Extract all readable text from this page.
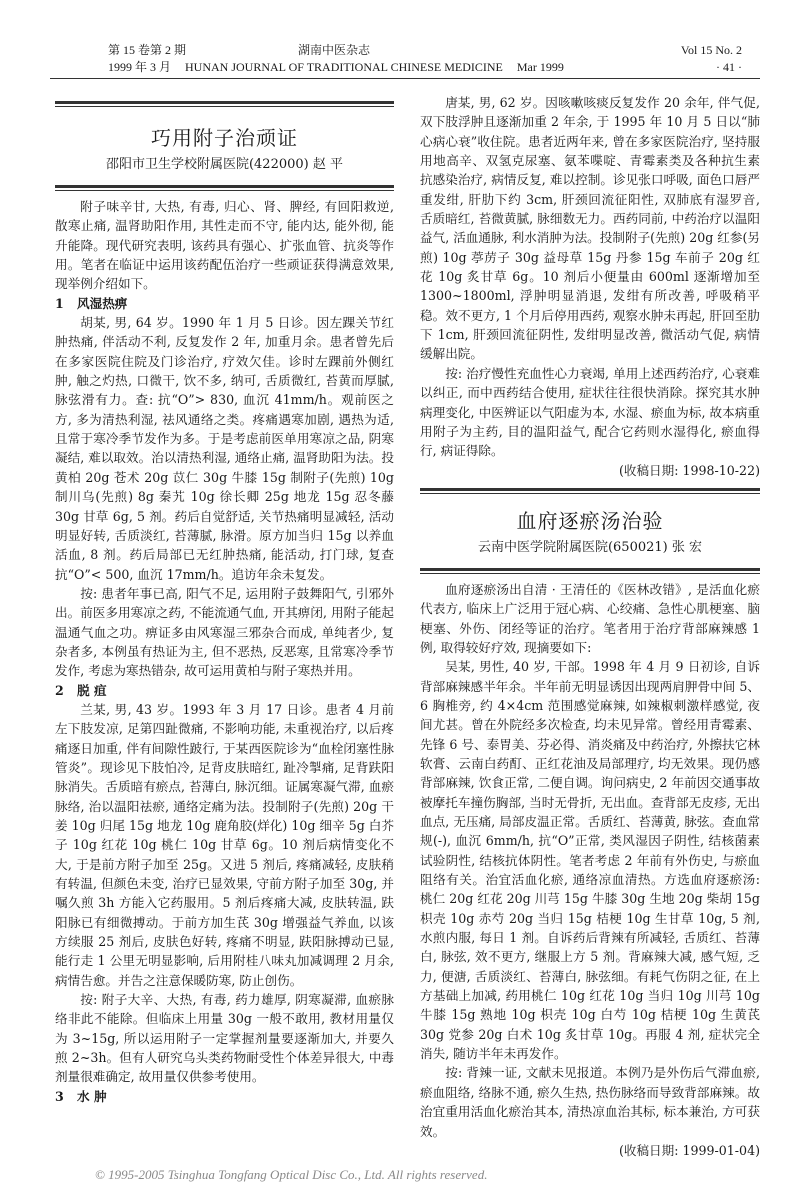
第 15 卷第 2 期	湖南中医杂志	Vol 15 No. 2
1999 年 3 月 HUNAN JOURNAL OF TRADITIONAL CHINESE MEDICINE Mar 1999	· 41 ·
巧用附子治顽证
邵阳市卫生学校附属医院(422000) 赵 平

附子味辛甘, 大热, 有毒, 归心、肾、脾经, 有回阳救逆, 散寒止痛, 温肾助阳作用, 其性走而不守, 能内达, 能外彻, 能升能降。现代研究表明, 该药具有强心、扩张血管、抗炎等作用。笔者在临证中运用该药配伍治疗一些顽证获得满意效果, 现举例介绍如下。

1 风湿热痹

胡某, 男, 64 岁。1990 年 1 月 5 日诊。因左踝关节红肿热痛, 伴活动不利, 反复发作 2 年, 加重月余。患者曾先后在多家医院住院及门诊治疗, 疗效欠佳。诊时左踝前外侧红肿, 触之灼热, 口微干, 饮不多, 纳可, 舌质微红, 苔黄而厚腻, 脉弦滑有力。查: 抗“O”> 830, 血沉 41mm/h。观前医之方, 多为清热利湿, 祛风通络之类。疼痛遇寒加剧, 遇热为适, 且常于寒冷季节发作为多。于是考虑前医单用寒凉之品, 阴寒凝结, 难以取效。治以清热利湿, 通络止痛, 温肾助阳为法。投黄柏 20g 苍术 20g 苡仁 30g 牛膝 15g 制附子(先煎) 10g 制川乌(先煎) 8g 秦艽 10g 徐长卿 25g 地龙 15g 忍冬藤 30g 甘草 6g, 5 剂。药后自觉舒适, 关节热痛明显减轻, 活动明显好转, 舌质淡红, 苔薄腻, 脉滑。原方加当归 15g 以养血活血, 8 剂。药后局部已无红肿热痛, 能活动, 打门球, 复查抗“O”< 500, 血沉 17mm/h。追访年余未复发。

按: 患者年事已高, 阳气不足, 运用附子鼓舞阳气, 引邪外出。前医多用寒凉之药, 不能流通气血, 开其痹闭, 用附子能起温通气血之功。痹证多由风寒湿三邪杂合而成, 单纯者少, 复杂者多, 本例虽有热证为主, 但不恶热, 反恶寒, 且常寒冷季节发作, 考虑为寒热错杂, 故可运用黄柏与附子寒热并用。

2 脱 疽

兰某, 男, 43 岁。1993 年 3 月 17 日诊。患者 4 月前左下肢发凉, 足第四趾微痛, 不影响功能, 未重视治疗, 以后疼痛逐日加重, 伴有间隙性跛行, 于某西医院诊为“血栓闭塞性脉管炎”。现诊见下肢怕冷, 足背皮肤暗红, 趾冷掣痛, 足背趺阳脉消失。舌质暗有瘀点, 苔薄白, 脉沉细。证属寒凝气滞, 血瘀脉络, 治以温阳祛瘀, 通络定痛为法。投制附子(先煎) 20g 干姜 10g 归尾 15g 地龙 10g 鹿角胶(烊化) 10g 细辛 5g 白芥子 10g 红花 10g 桃仁 10g 甘草 6g。10 剂后病情变化不大, 于是前方附子加至 25g。又进 5 剂后, 疼痛减轻, 皮肤稍有转温, 但颜色未变, 治疗已显效果, 守前方附子加至 30g, 并嘱久煎 3h 方能入它药服用。5 剂后疼痛大减, 皮肤转温, 趺阳脉已有细微搏动。于前方加生芪 30g 增强益气养血, 以该方续服 25 剂后, 皮肤色好转, 疼痛不明显, 趺阳脉搏动已显, 能行走 1 公里无明显影响, 后用附桂八味丸加减调理 2 月余, 病情告愈。并告之注意保暖防寒, 防止创伤。

按: 附子大辛、大热, 有毒, 药力雄厚, 阴寒凝滞, 血瘀脉络非此不能除。但临床上用量 30g 一般不敢用, 教材用量仅为 3~15g, 所以运用附子一定掌握剂量要逐渐加大, 并要久煎 2~3h。但有人研究乌头类药物耐受性个体差异很大, 中毒剂量很难确定, 故用量仅供参考使用。

3 水 肿

唐某, 男, 62 岁。因咳嗽咳痰反复发作 20 余年, 伴气促, 双下肢浮肿且逐渐加重 2 年余, 于 1995 年 10 月 5 日以“肺心病心衰”收住院。患者近两年来, 曾在多家医院治疗, 坚持服用地高辛、双氢克尿塞、氨苯喋啶、青霉素类及各种抗生素抗感染治疗, 病情反复, 难以控制。诊见张口呼吸, 面色口唇严重发绀, 肝肋下约 3cm, 肝颈回流征阳性, 双肺底有湿罗音, 舌质暗红, 苔微黄腻, 脉细数无力。西药同前, 中药治疗以温阳益气, 活血通脉, 利水消肿为法。投制附子(先煎) 20g 红参(另煎) 10g 葶苈子 30g 益母草 15g 丹参 15g 车前子 20g 红花 10g 炙甘草 6g。10 剂后小便量由 600ml 逐渐增加至 1300~1800ml, 浮肿明显消退, 发绀有所改善, 呼吸稍平稳。效不更方, 1 个月后停用西药, 观察水肿未再起, 肝回至肋下 1cm, 肝颈回流征阴性, 发绀明显改善, 微活动气促, 病情缓解出院。

按: 治疗慢性充血性心力衰竭, 单用上述西药治疗, 心衰难以纠正, 而中西药结合使用, 症状往往很快消除。探究其水肿病理变化, 中医辨证以气阳虚为本, 水湿、瘀血为标, 故本病重用附子为主药, 目的温阳益气, 配合它药则水湿得化, 瘀血得行, 病证得除。

(收稿日期: 1998-10-22)
血府逐瘀汤治验
云南中医学院附属医院(650021) 张 宏

血府逐瘀汤出自清 · 王清任的《医林改错》, 是活血化瘀代表方, 临床上广泛用于冠心病、心绞痛、急性心肌梗塞、脑梗塞、外伤、闭经等证的治疗。笔者用于治疗背部麻辣感 1 例, 取得较好疗效, 现摘要如下:

吴某, 男性, 40 岁, 干部。1998 年 4 月 9 日初诊, 自诉背部麻辣感半年余。半年前无明显诱因出现两肩胛骨中间 5、6 胸椎旁, 约 4×4cm 范围感觉麻辣, 如辣椒刺激样感觉, 夜间尤甚。曾在外院经多次检查, 均未见异常。曾经用青霉素、先锋 6 号、泰胃美、芬必得、消炎痛及中药治疗, 外擦扶它林软膏、云南白药酊、正红花油及局部理疗, 均无效果。现仍感背部麻辣, 饮食正常, 二便自调。询问病史, 2 年前因交通事故被摩托车撞伤胸部, 当时无骨折, 无出血。查背部无皮疹, 无出血点, 无压痛, 局部皮温正常。舌质红、苔薄黄, 脉弦。查血常规(-), 血沉 6mm/h, 抗“O”正常, 类风湿因子阴性, 结核菌素试验阴性, 结核抗体阴性。笔者考虑 2 年前有外伤史, 与瘀血阻络有关。治宜活血化瘀, 通络凉血清热。方选血府逐瘀汤: 桃仁 20g 红花 20g 川芎 15g 牛膝 30g 生地 20g 柴胡 15g 枳壳 10g 赤芍 20g 当归 15g 桔梗 10g 生甘草 10g, 5 剂, 水煎内服, 每日 1 剂。自诉药后背辣有所减轻, 舌质红、苔薄白, 脉弦, 效不更方, 继服上方 5 剂。背麻辣大减, 感气短, 乏力, 便溏, 舌质淡红、苔薄白, 脉弦细。有耗气伤阴之征, 在上方基础上加减, 药用桃仁 10g 红花 10g 当归 10g 川芎 10g 牛膝 15g 熟地 10g 枳壳 10g 白芍 10g 桔梗 10g 生黄芪 30g 党参 20g 白术 10g 炙甘草 10g。再服 4 剂, 症状完全消失, 随访半年未再发作。

按: 背辣一证, 文献未见报道。本例乃是外伤后气滞血瘀, 瘀血阻络, 络脉不通, 瘀久生热, 热伤脉络而导致背部麻辣。故治宜重用活血化瘀治其本, 清热凉血治其标, 标本兼治, 方可获效。

(收稿日期: 1999-01-04)
© 1995-2005 Tsinghua Tongfang Optical Disc Co., Ltd. All rights reserved.
